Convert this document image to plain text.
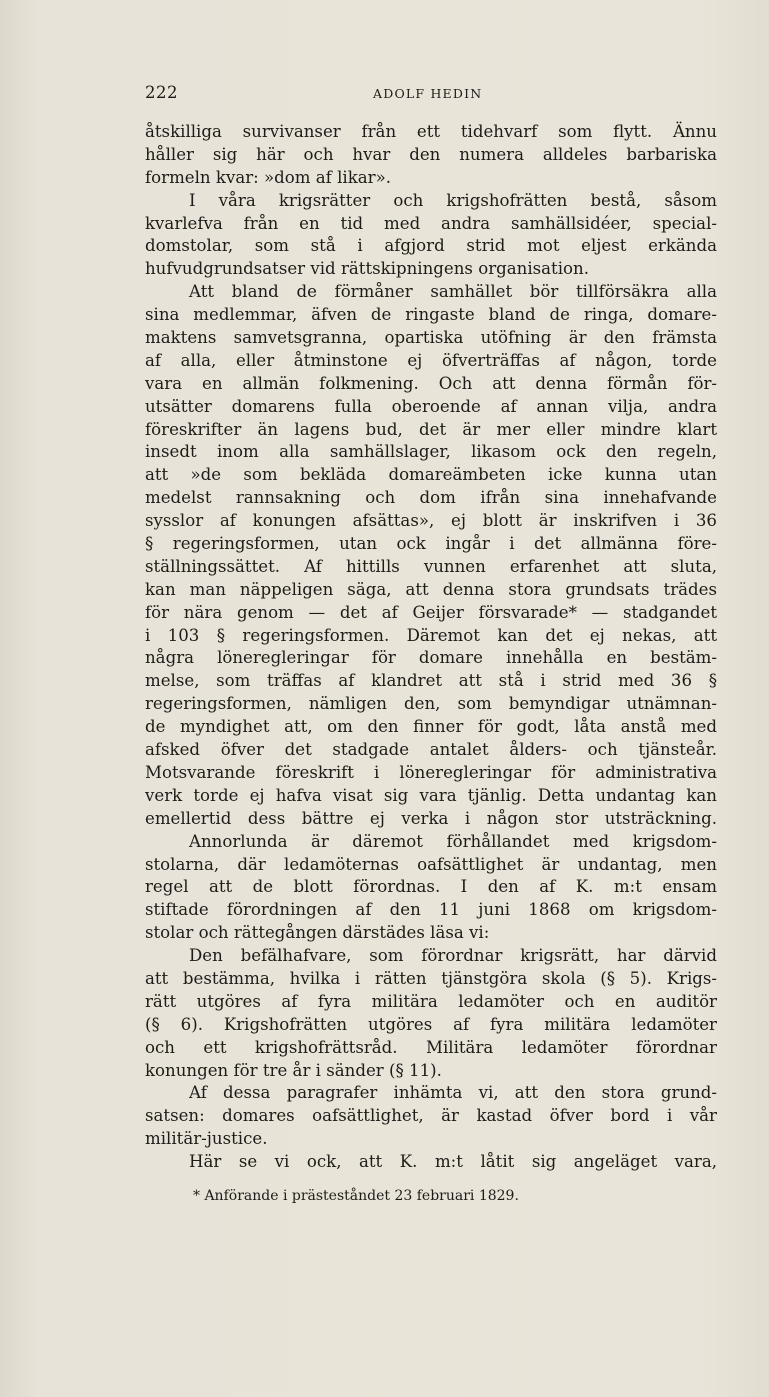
222	ADOLF HEDIN
åtskilliga survivanser från ett tidehvarf som flytt. Ännu
håller sig här och hvar den numera alldeles barbariska
formeln kvar: »dom af likar».
I våra krigsrätter och krigshofrätten bestå, såsom
kvarlefva från en tid med andra samhällsidéer, special-
domstolar, som stå i afgjord strid mot eljest erkända
hufvudgrundsatser vid rättskipningens organisation.
Att bland de förmåner samhället bör tillförsäkra alla
sina medlemmar, äfven de ringaste bland de ringa, domare-
maktens samvetsgranna, opartiska utöfning är den främsta
af alla, eller åtminstone ej öfverträffas af någon, torde
vara en allmän folkmening. Och att denna förmån för-
utsätter domarens fulla oberoende af annan vilja, andra
föreskrifter än lagens bud, det är mer eller mindre klart
insedt inom alla samhällslager, likasom ock den regeln,
att »de som bekläda domareämbeten icke kunna utan
medelst rannsakning och dom ifrån sina innehafvande
sysslor af konungen afsättas», ej blott är inskrifven i 36
§ regeringsformen, utan ock ingår i det allmänna före-
ställningssättet. Af hittills vunnen erfarenhet att sluta,
kan man näppeligen säga, att denna stora grundsats trädes
för nära genom — det af Geijer försvarade* — stadgandet
i 103 § regeringsformen. Däremot kan det ej nekas, att
några löneregleringar för domare innehålla en bestäm-
melse, som träffas af klandret att stå i strid med 36 §
regeringsformen, nämligen den, som bemyndigar utnämnan-
de myndighet att, om den finner för godt, låta anstå med
afsked öfver det stadgade antalet ålders- och tjänsteår.
Motsvarande föreskrift i löneregleringar för administrativa
verk torde ej hafva visat sig vara tjänlig. Detta undantag kan
emellertid dess bättre ej verka i någon stor utsträckning.
Annorlunda är däremot förhållandet med krigsdom-
stolarna, där ledamöternas oafsättlighet är undantag, men
regel att de blott förordnas. I den af K. m:t ensam
stiftade förordningen af den 11 juni 1868 om krigsdom-
stolar och rättegången därstädes läsa vi:
Den befälhafvare, som förordnar krigsrätt, har därvid
att bestämma, hvilka i rätten tjänstgöra skola (§ 5). Krigs-
rätt utgöres af fyra militära ledamöter och en auditör
(§ 6). Krigshofrätten utgöres af fyra militära ledamöter
och ett krigshofrättsråd. Militära ledamöter förordnar
konungen för tre år i sänder (§ 11).
Af dessa paragrafer inhämta vi, att den stora grund-
satsen: domares oafsättlighet, är kastad öfver bord i vår
militär-justice.
Här se vi ock, att K. m:t låtit sig angeläget vara,
* Anförande i prästeståndet 23 februari 1829.
